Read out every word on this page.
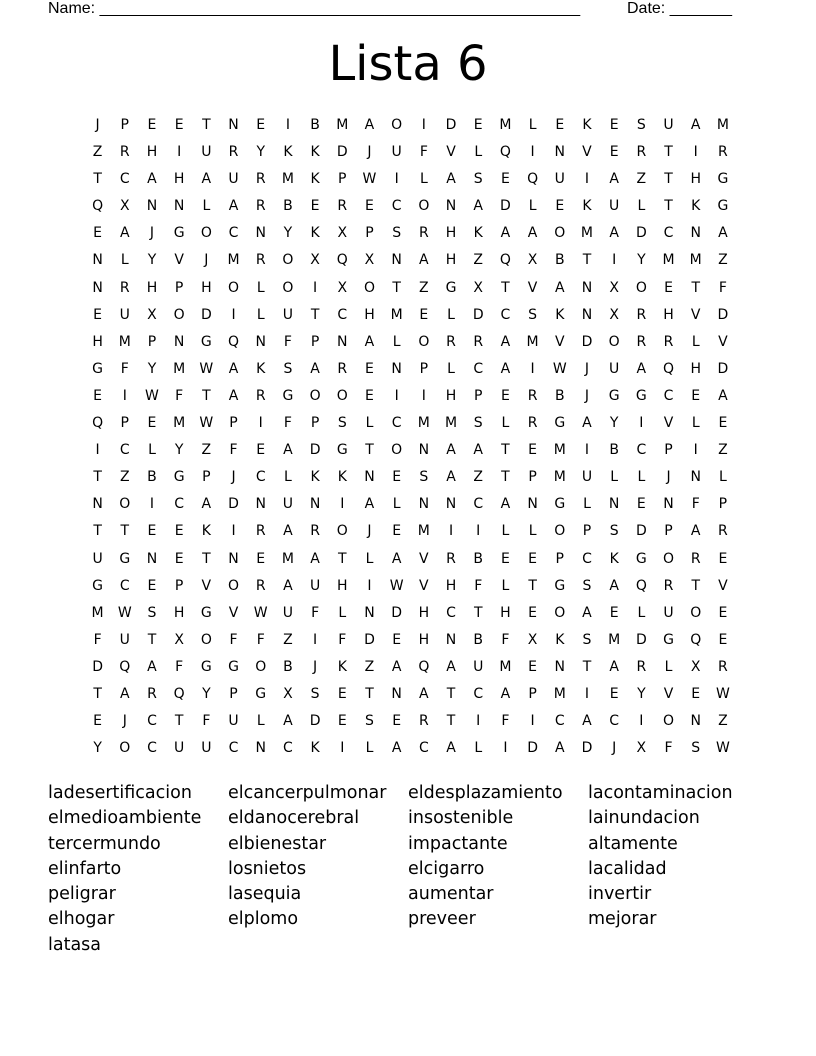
Name: ______________________________________________________	Date: _______
Lista 6
J	P	E	E	T	N	E	I	B	M	A	O	I	D	E	M	L	E	K	E	S	U	A	M
Z	R	H	I	U	R	Y	K	K	D	J	U	F	V	L	Q	I	N	V	E	R	T	I	R
T	C	A	H	A	U	R	M	K	P	W	I	L	A	S	E	Q	U	I	A	Z	T	H	G
Q	X	N	N	L	A	R	B	E	R	E	C	O	N	A	D	L	E	K	U	L	T	K	G
E	A	J	G	O	C	N	Y	K	X	P	S	R	H	K	A	A	O	M	A	D	C	N	A
N	L	Y	V	J	M	R	O	X	Q	X	N	A	H	Z	Q	X	B	T	I	Y	M	M	Z
N	R	H	P	H	O	L	O	I	X	O	T	Z	G	X	T	V	A	N	X	O	E	T	F
E	U	X	O	D	I	L	U	T	C	H	M	E	L	D	C	S	K	N	X	R	H	V	D
H	M	P	N	G	Q	N	F	P	N	A	L	O	R	R	A	M	V	D	O	R	R	L	V
G	F	Y	M	W	A	K	S	A	R	E	N	P	L	C	A	I	W	J	U	A	Q	H	D
E	I	W	F	T	A	R	G	O	O	E	I	I	H	P	E	R	B	J	G	G	C	E	A
Q	P	E	M	W	P	I	F	P	S	L	C	M	M	S	L	R	G	A	Y	I	V	L	E
I	C	L	Y	Z	F	E	A	D	G	T	O	N	A	A	T	E	M	I	B	C	P	I	Z
T	Z	B	G	P	J	C	L	K	K	N	E	S	A	Z	T	P	M	U	L	L	J	N	L
N	O	I	C	A	D	N	U	N	I	A	L	N	N	C	A	N	G	L	N	E	N	F	P
T	T	E	E	K	I	R	A	R	O	J	E	M	I	I	L	L	O	P	S	D	P	A	R
U	G	N	E	T	N	E	M	A	T	L	A	V	R	B	E	E	P	C	K	G	O	R	E
G	C	E	P	V	O	R	A	U	H	I	W	V	H	F	L	T	G	S	A	Q	R	T	V
M	W	S	H	G	V	W	U	F	L	N	D	H	C	T	H	E	O	A	E	L	U	O	E
F	U	T	X	O	F	F	Z	I	F	D	E	H	N	B	F	X	K	S	M	D	G	Q	E
D	Q	A	F	G	G	O	B	J	K	Z	A	Q	A	U	M	E	N	T	A	R	L	X	R
T	A	R	Q	Y	P	G	X	S	E	T	N	A	T	C	A	P	M	I	E	Y	V	E	W
E	J	C	T	F	U	L	A	D	E	S	E	R	T	I	F	I	C	A	C	I	O	N	Z
Y	O	C	U	U	C	N	C	K	I	L	A	C	A	L	I	D	A	D	J	X	F	S	W
ladesertificacion
elmedioambiente
tercermundo
elinfarto
peligrar
elhogar
latasa
elcancerpulmonar
eldanocerebral
elbienestar
losnietos
lasequia
elplomo
eldesplazamiento
insostenible
impactante
elcigarro
aumentar
preveer
lacontaminacion
lainundacion
altamente
lacalidad
invertir
mejorar
